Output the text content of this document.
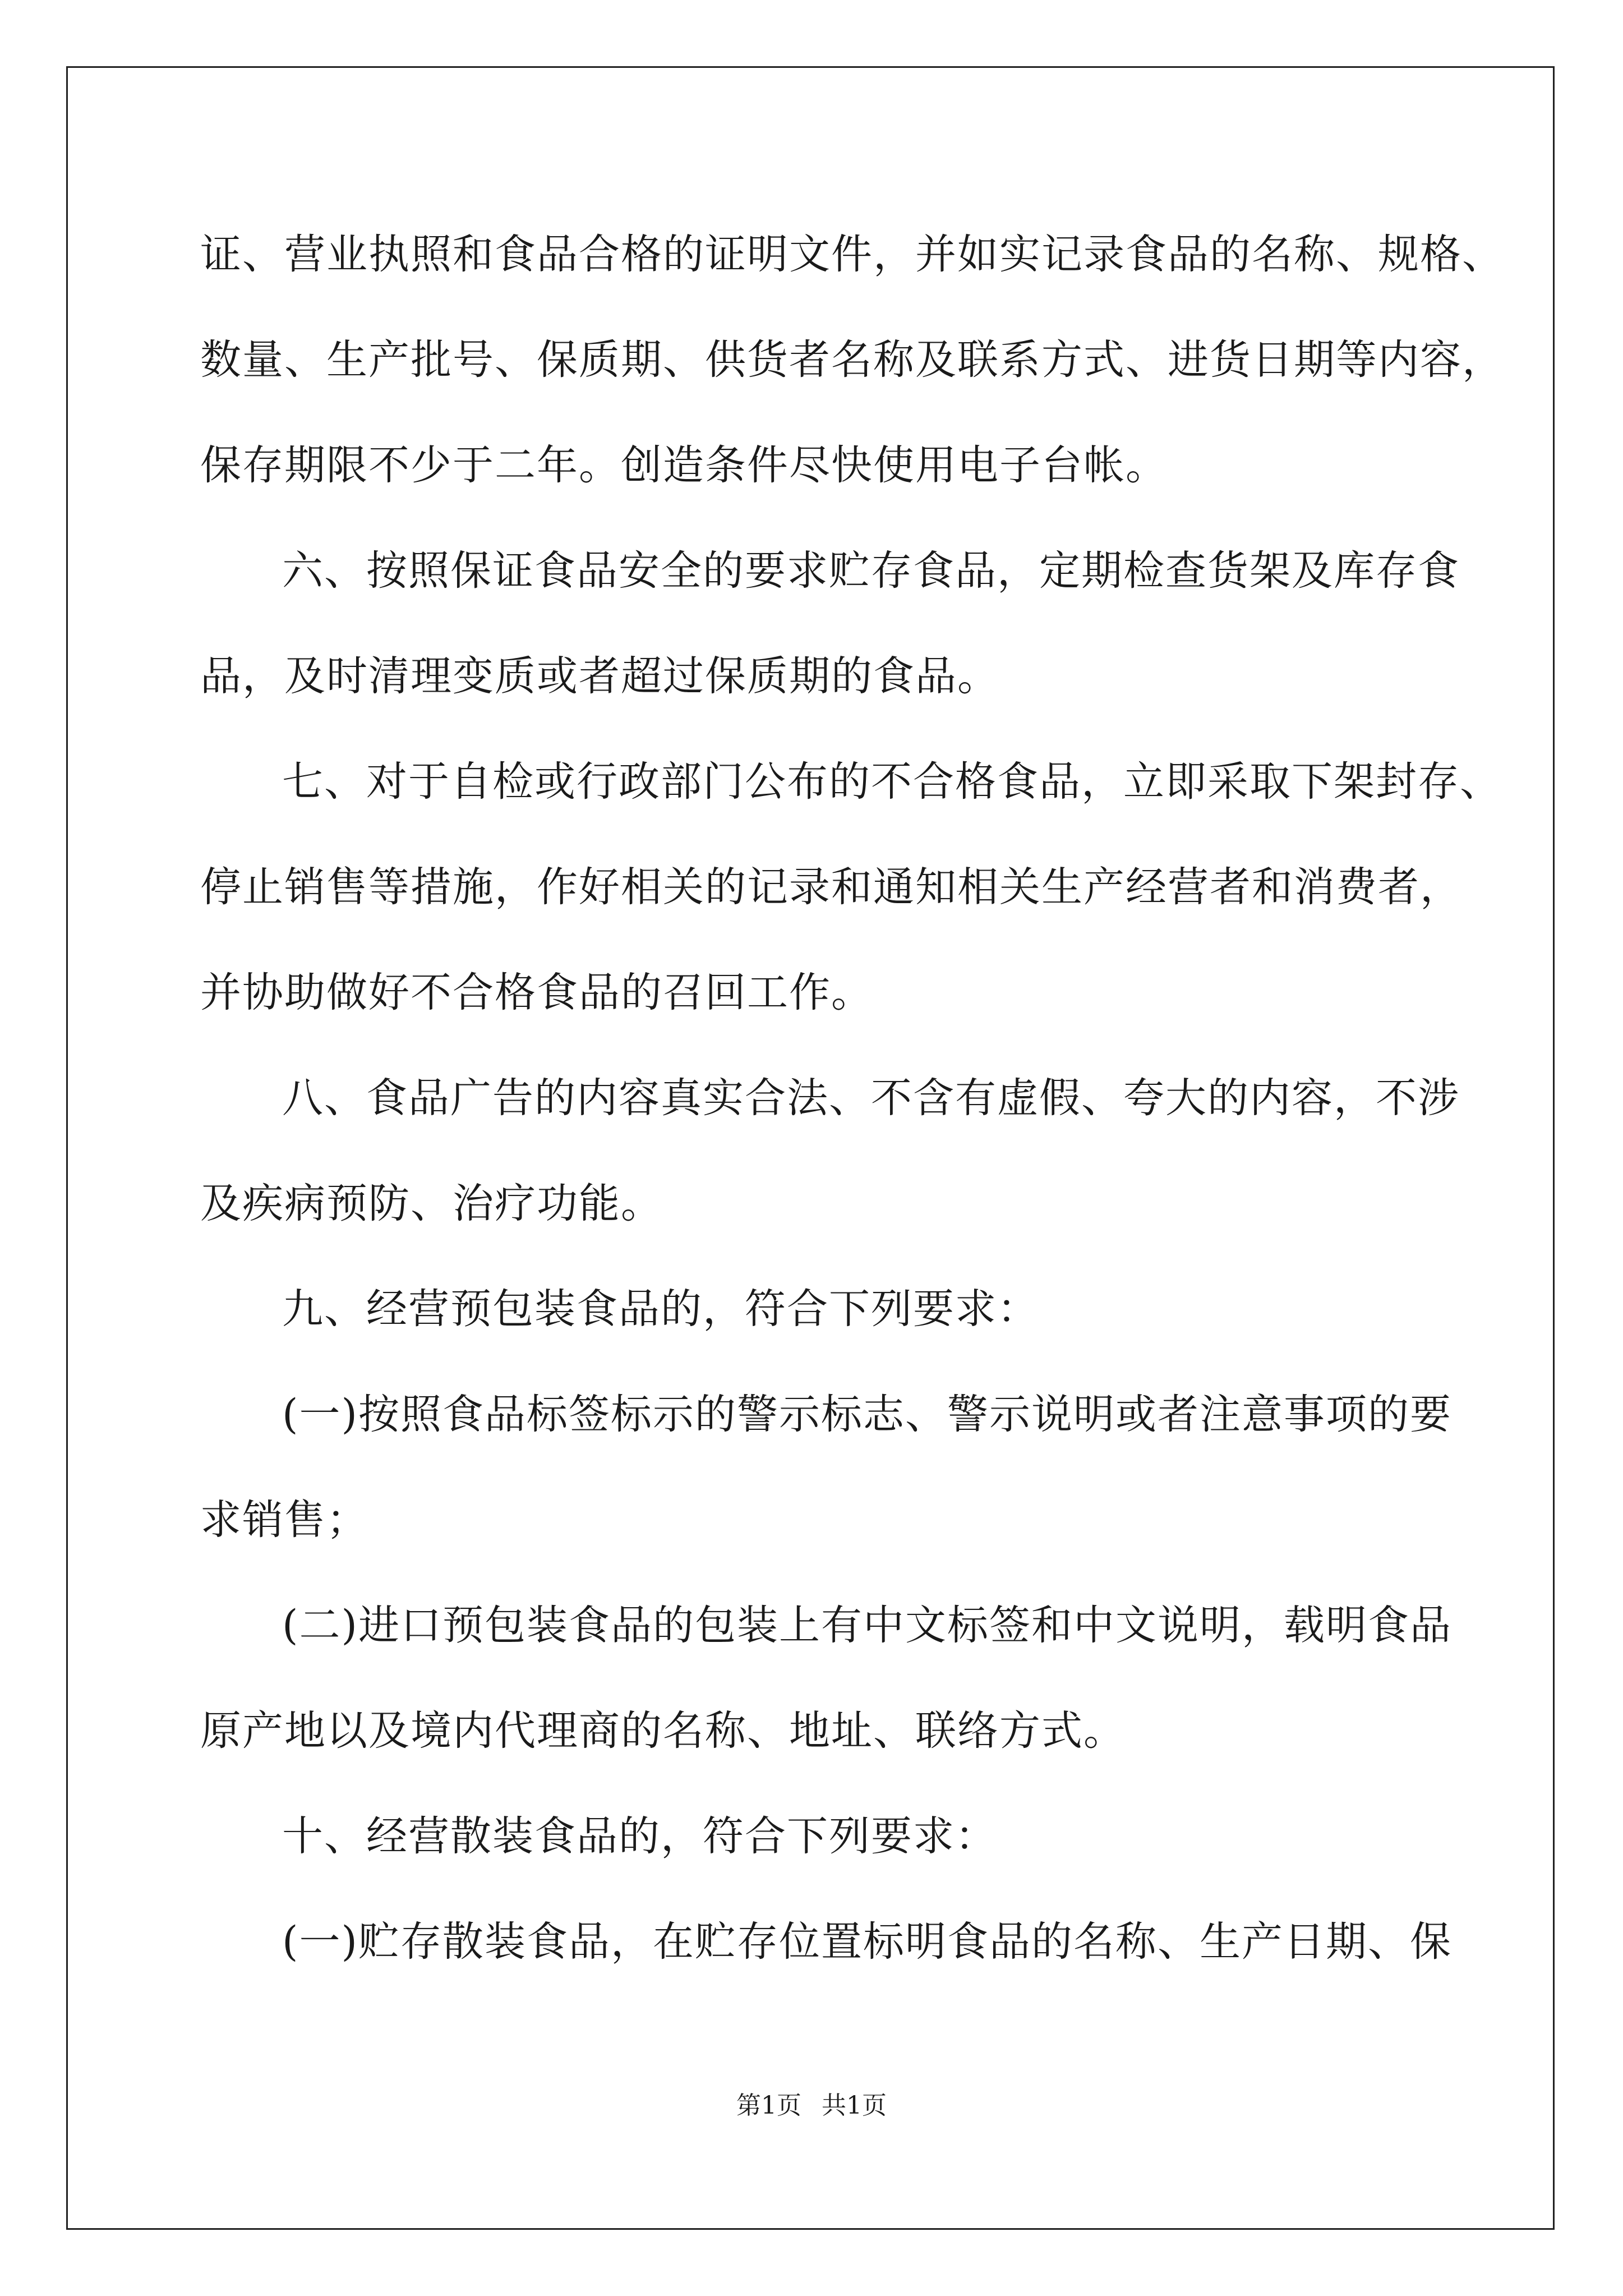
证、营业执照和食品合格的证明文件，并如实记录食品的名称、规格、
数量、生产批号、保质期、供货者名称及联系方式、进货日期等内容，
保存期限不少于二年。创造条件尽快使用电子台帐。
六、按照保证食品安全的要求贮存食品，定期检查货架及库存食
品，及时清理变质或者超过保质期的食品。
七、对于自检或行政部门公布的不合格食品，立即采取下架封存、
停止销售等措施，作好相关的记录和通知相关生产经营者和消费者，
并协助做好不合格食品的召回工作。
八、食品广告的内容真实合法、不含有虚假、夸大的内容，不涉
及疾病预防、治疗功能。
九、经营预包装食品的，符合下列要求：
(一)按照食品标签标示的警示标志、警示说明或者注意事项的要
求销售；
(二)进口预包装食品的包装上有中文标签和中文说明，载明食品
原产地以及境内代理商的名称、地址、联络方式。
十、经营散装食品的，符合下列要求：
(一)贮存散装食品，在贮存位置标明食品的名称、生产日期、保
第1页 共1页
